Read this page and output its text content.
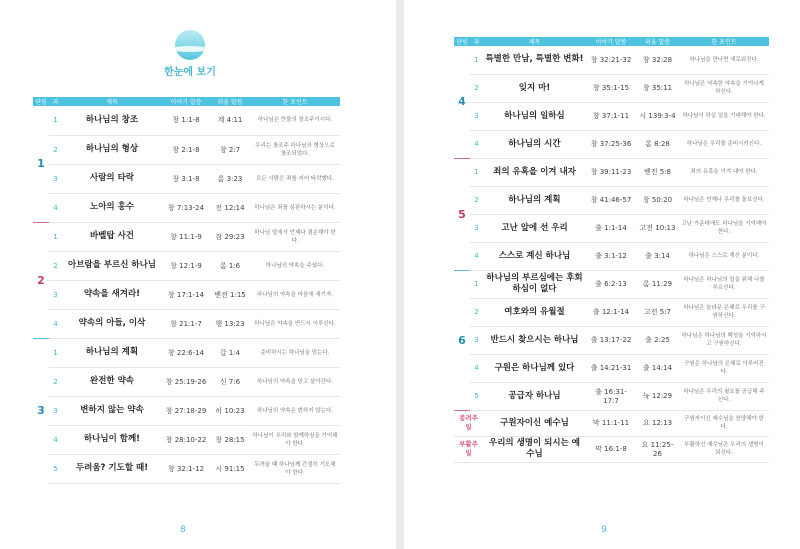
한눈에 보기
단원	과	제목	이야기 말씀	외울 말씀	한 포인트
1	1	하나님의 창조	창 1:1-8	계 4:11	하나님은 만물의 창조주이시다.
	2	하나님의 형상	창 2:1-8	창 2:7	우리는 창조주 하나님의 형상으로 창조되었다.
	3	사람의 타락	창 3:1-8	롬 3:23	모든 사람은 죄를 지어 타락했다.
	4	노아의 홍수	창 7:13-24	전 12:14	하나님은 죄를 심판하시는 분이다.
2	1	바벨탑 사건	창 11:1-9	잠 29:23	하나님 앞에서 언제나 겸손해야 한다.
	2	아브람을 부르신 하나님	창 12:1-9	롬 1:6	하나님의 약속을 주셨다.
	3	약속을 새겨라!	창 17:1-14	벧전 1:15	하나님의 약속을 마음에 새기자.
	4	약속의 아들, 이삭	창 21:1-7	행 13:23	하나님은 약속을 반드시 이루신다.
3	1	하나님의 계획	창 22:6-14	갈 1:4	준비하시는 하나님을 믿는다.
	2	완전한 약속	창 25:19-26	신 7:6	하나님의 약속을 믿고 살아간다.
	3	변하지 않는 약속	창 27:18-29	히 10:23	하나님의 약속은 변하지 않는다.
	4	하나님이 함께!	창 28:10-22	창 28:15	하나님이 우리와 함께하심을 기억해야 한다.
	5	두려움? 기도할 때!	창 32:1-12	시 91:15	두려울 때 하나님께 간절히 기도해야 한다.
8
단원	과	제목	이야기 말씀	외울 말씀	한 포인트
4	1	특별한 만남, 특별한 변화!	창 32:21-32	창 32:28	하나님을 만나면 새로워진다.
	2	잊지 마!	창 35:1-15	창 35:11	하나님은 약속한 약속을 기억나게 하신다.
	3	하나님의 일하심	창 37:1-11	시 139:3-4	하나님이 하실 일을 기대해야 한다.
	4	하나님의 시간	창 37:25-36	롬 8:28	하나님은 우리를 준비시키신다.
5	1	죄의 유혹을 이겨 내자	창 39:11-23	벧전 5:8	죄의 유혹을 이겨 내야 한다.
	2	하나님의 계획	창 41:46-57	창 50:20	하나님은 언제나 우리를 돌보신다.
	3	고난 앞에 선 우리	출 1:1-14	고전 10:13	고난 가운데에도 하나님을 기억해야 한다.
	4	스스로 계신 하나님	출 3:1-12	출 3:14	하나님은 스스로 계신 분이다.
6	1	하나님의 부르심에는 후회하심이 없다	출 6:2-13	롬 11:29	하나님은 하나님의 일을 위해 나를 부르신다.
	2	여호와의 유월절	출 12:1-14	고전 5:7	하나님은 놀라운 은혜로 우리를 구원하신다.
	3	반드시 찾으시는 하나님	출 13:17-22	출 2:25	하나님은 하나님의 백성을 기억하시고 구원하신다.
	4	구원은 하나님께 있다	출 14:21-31	출 14:14	구원은 하나님의 은혜로 이루어진다.
	5	공급자 하나님	출 16:31-17:7	눅 12:29	하나님은 우리의 필요를 공급해 주신다.
종려주일		구원자이신 예수님	막 11:1-11	요 12:13	구원자이신 예수님을 찬양해야 한다.
부활주일		우리의 생명이 되시는 예수님	막 16:1-8	요 11:25-26	부활하신 예수님은 우리의 생명이 되신다.
9
